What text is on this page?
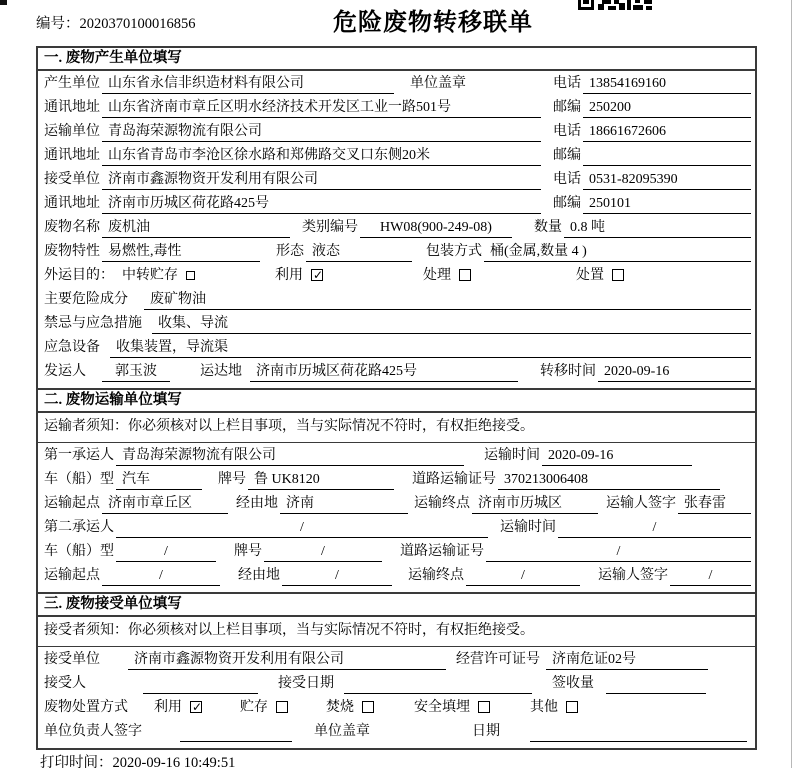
编号：2020370100016856	危险废物转移联单
一. 废物产生单位填写
产生单位 山东省永信非织造材料有限公司	单位盖章	电话 13854169160
通讯地址 山东省济南市章丘区明水经济技术开发区工业一路501号	邮编 250200
运输单位 青岛海荣源物流有限公司	电话 18661672606
通讯地址 山东省青岛市李沧区徐水路和郑佛路交叉口东侧20米	邮编
接受单位 济南市鑫源物资开发利用有限公司	电话 0531-82095390
通讯地址 济南市历城区荷花路425号	邮编 250101
废物名称 废机油	类别编号	HW08(900-249-08)	数量 0.8 吨
废物特性 易燃性,毒性	形态 液态	包装方式 桶(金属,数量 4 )
外运目的： 中转贮存	利用 ✓	处理	处置
主要危险成分	废矿物油
禁忌与应急措施	收集、导流
应急设备	收集装置，导流渠
发运人	郭玉波	运达地	济南市历城区荷花路425号	转移时间 2020-09-16
二. 废物运输单位填写
运输者须知：你必须核对以上栏目事项，当与实际情况不符时，有权拒绝接受。
第一承运人 青岛海荣源物流有限公司	运输时间 2020-09-16
车（船）型 汽车	牌号 鲁 UK8120	道路运输证号 370213006408
运输起点 济南市章丘区	经由地 济南	运输终点 济南市历城区	运输人签字 张春雷
第二承运人	/	运输时间	/
车（船）型	/	牌号	/	道路运输证号	/
运输起点	/	经由地	/	运输终点	/	运输人签字	/
三. 废物接受单位填写
接受者须知：你必须核对以上栏目事项，当与实际情况不符时，有权拒绝接受。
接受单位	济南市鑫源物资开发利用有限公司	经营许可证号 济南危证02号
接受人	接受日期	签收量
废物处置方式 利用 ✓	贮存	焚烧	安全填埋	其他
单位负责人签字	单位盖章	日期
打印时间：2020-09-16 10:49:51
